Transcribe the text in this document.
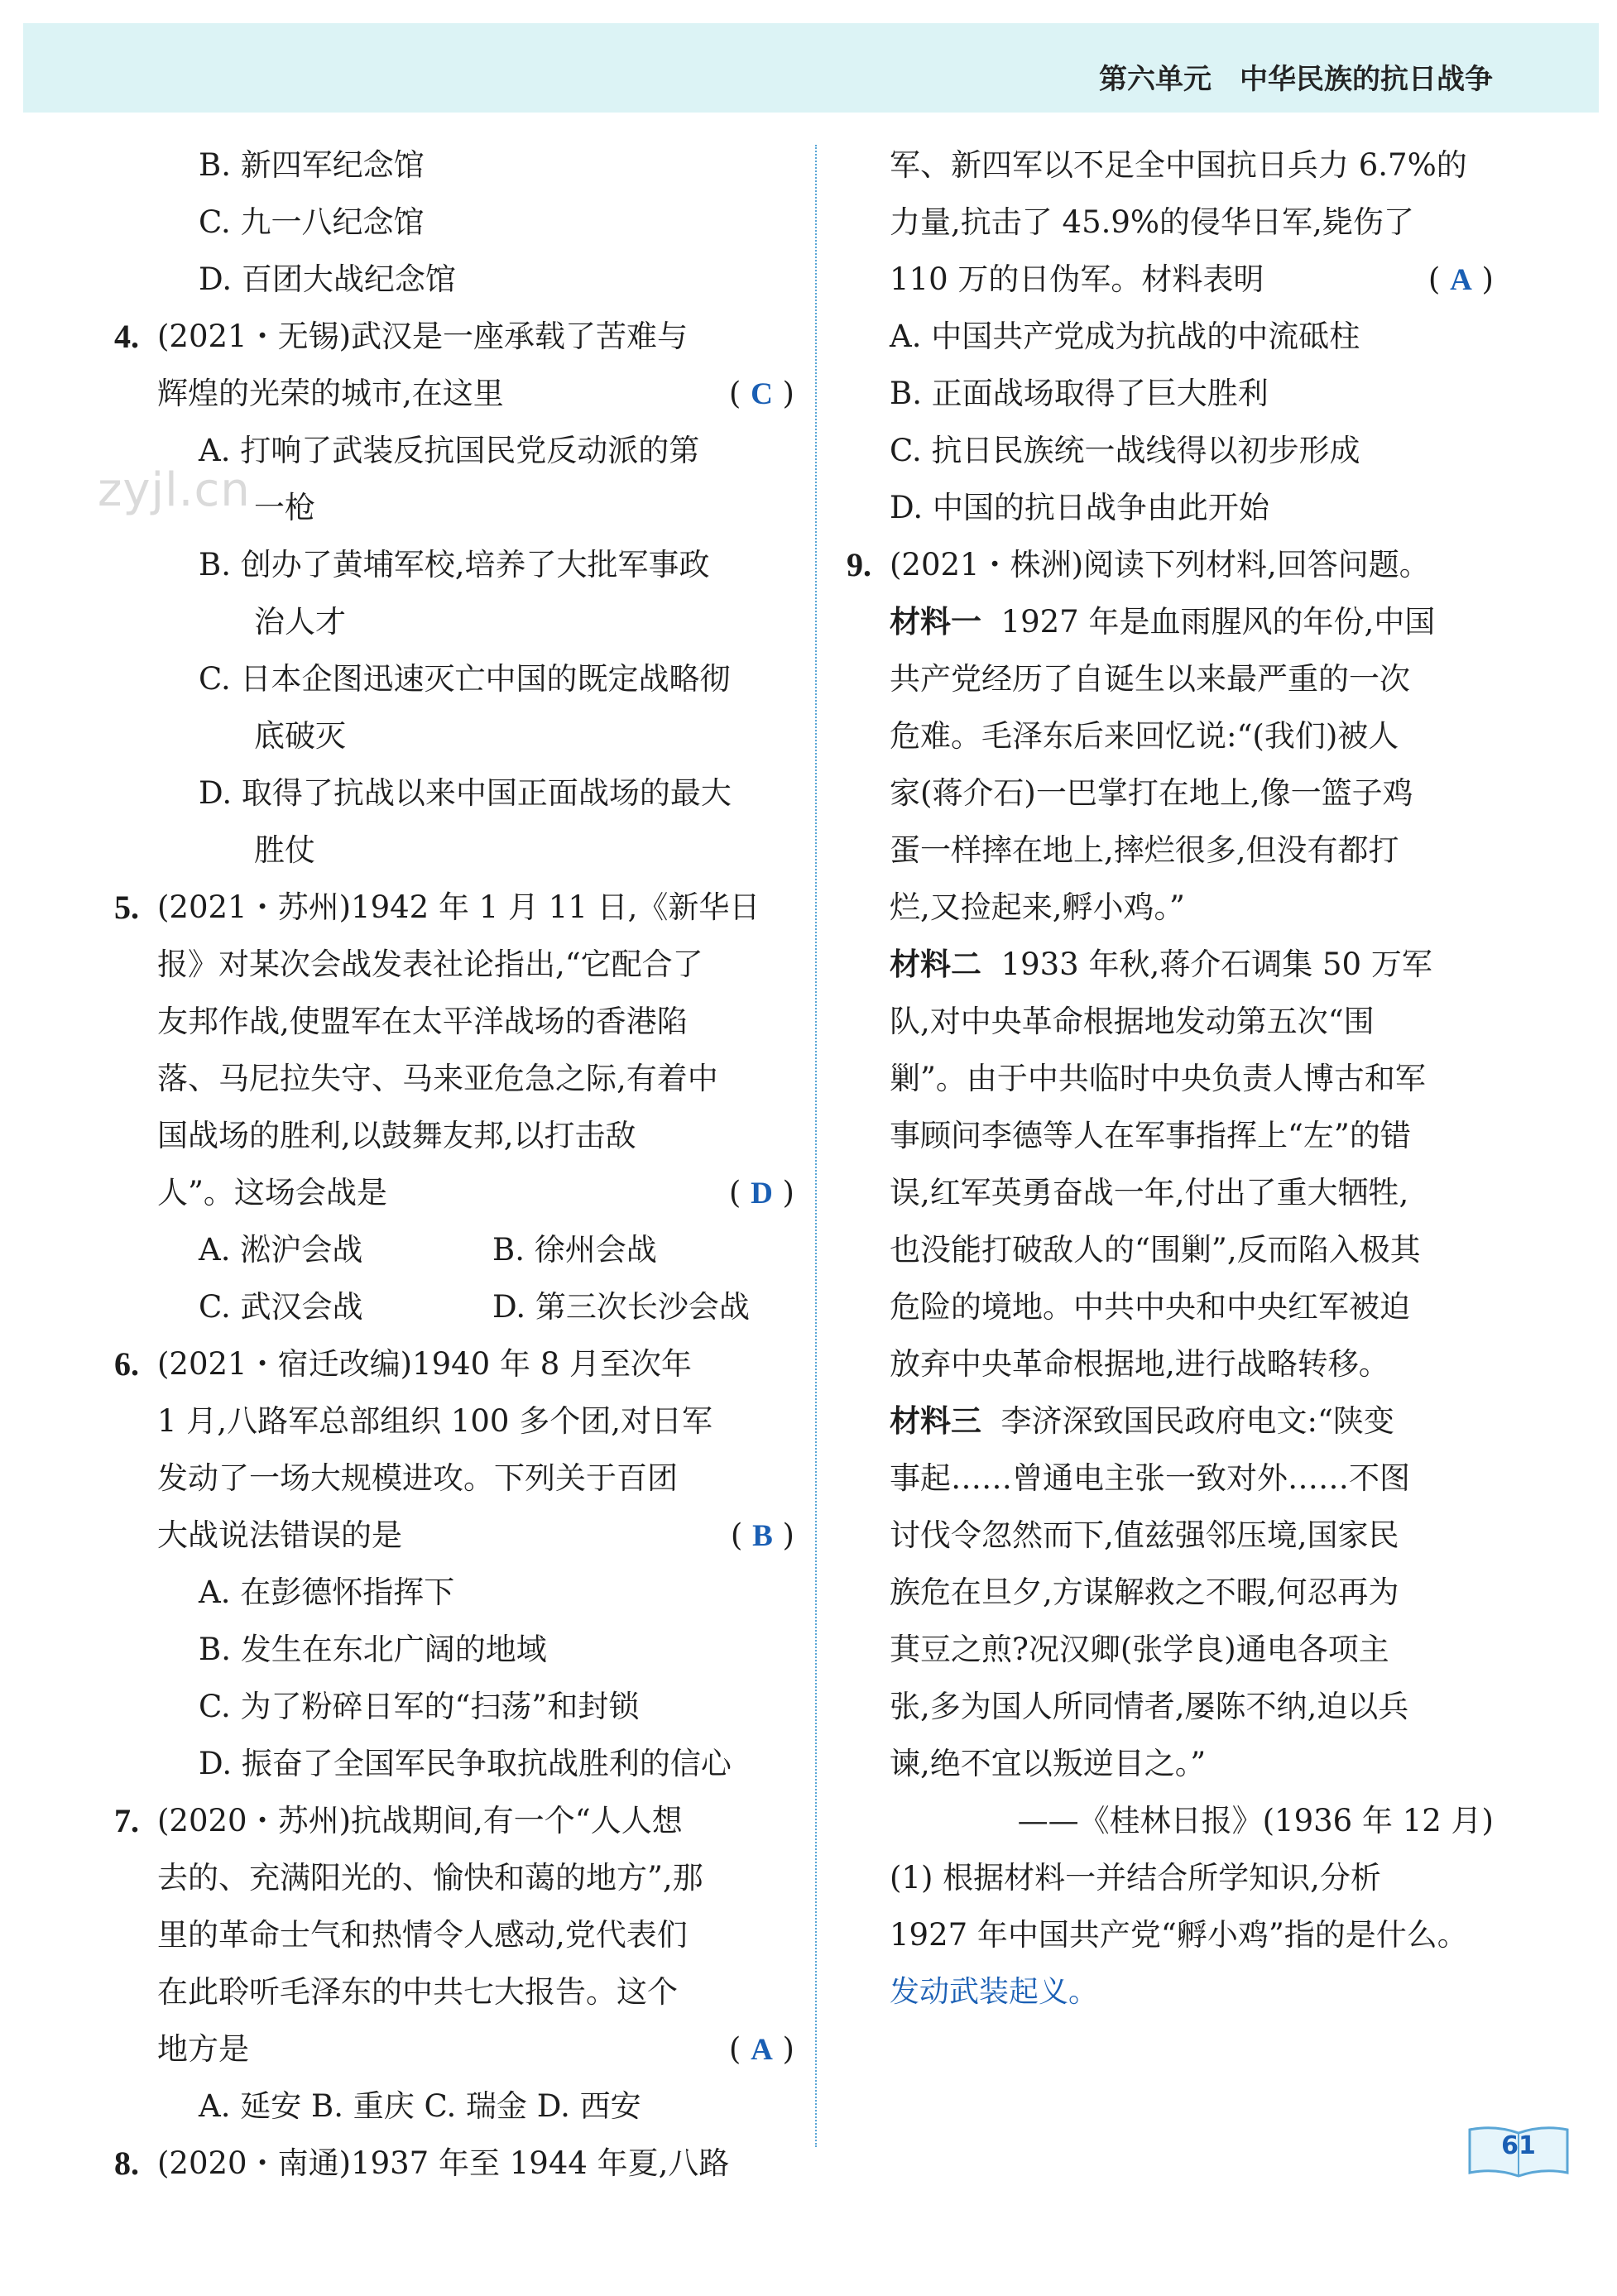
第六单元 中华民族的抗日战争
zyjl.cn
B. 新四军纪念馆
C. 九一八纪念馆
D. 百团大战纪念馆
4. (2021・无锡)武汉是一座承载了苦难与
辉煌的光荣的城市,在这里	( C )
A. 打响了武装反抗国民党反动派的第
一枪
B. 创办了黄埔军校,培养了大批军事政
治人才
C. 日本企图迅速灭亡中国的既定战略彻
底破灭
D. 取得了抗战以来中国正面战场的最大
胜仗
5. (2021・苏州)1942 年 1 月 11 日,《新华日
报》对某次会战发表社论指出,“它配合了
友邦作战,使盟军在太平洋战场的香港陷
落、马尼拉失守、马来亚危急之际,有着中
国战场的胜利,以鼓舞友邦,以打击敌
人”。这场会战是	( D )
A. 淞沪会战	B. 徐州会战
C. 武汉会战	D. 第三次长沙会战
6. (2021・宿迁改编)1940 年 8 月至次年
1 月,八路军总部组织 100 多个团,对日军
发动了一场大规模进攻。下列关于百团
大战说法错误的是	( B )
A. 在彭德怀指挥下
B. 发生在东北广阔的地域
C. 为了粉碎日军的“扫荡”和封锁
D. 振奋了全国军民争取抗战胜利的信心
7. (2020・苏州)抗战期间,有一个“人人想
去的、充满阳光的、愉快和蔼的地方”,那
里的革命士气和热情令人感动,党代表们
在此聆听毛泽东的中共七大报告。这个
地方是	( A )
A. 延安 B. 重庆 C. 瑞金 D. 西安
8. (2020・南通)1937 年至 1944 年夏,八路
军、新四军以不足全中国抗日兵力 6.7%的
力量,抗击了 45.9%的侵华日军,毙伤了
110 万的日伪军。材料表明	( A )
A. 中国共产党成为抗战的中流砥柱
B. 正面战场取得了巨大胜利
C. 抗日民族统一战线得以初步形成
D. 中国的抗日战争由此开始
9. (2021・株洲)阅读下列材料,回答问题。
材料一 1927 年是血雨腥风的年份,中国
共产党经历了自诞生以来最严重的一次
危难。毛泽东后来回忆说:“(我们)被人
家(蒋介石)一巴掌打在地上,像一篮子鸡
蛋一样摔在地上,摔烂很多,但没有都打
烂,又捡起来,孵小鸡。”
材料二 1933 年秋,蒋介石调集 50 万军
队,对中央革命根据地发动第五次“围
剿”。由于中共临时中央负责人博古和军
事顾问李德等人在军事指挥上“左”的错
误,红军英勇奋战一年,付出了重大牺牲,
也没能打破敌人的“围剿”,反而陷入极其
危险的境地。中共中央和中央红军被迫
放弃中央革命根据地,进行战略转移。
材料三 李济深致国民政府电文:“陕变
事起……曾通电主张一致对外……不图
讨伐令忽然而下,值兹强邻压境,国家民
族危在旦夕,方谋解救之不暇,何忍再为
萁豆之煎?况汉卿(张学良)通电各项主
张,多为国人所同情者,屡陈不纳,迫以兵
谏,绝不宜以叛逆目之。”
——《桂林日报》(1936 年 12 月)
(1) 根据材料一并结合所学知识,分析
1927 年中国共产党“孵小鸡”指的是什么。
发动武装起义。
61
